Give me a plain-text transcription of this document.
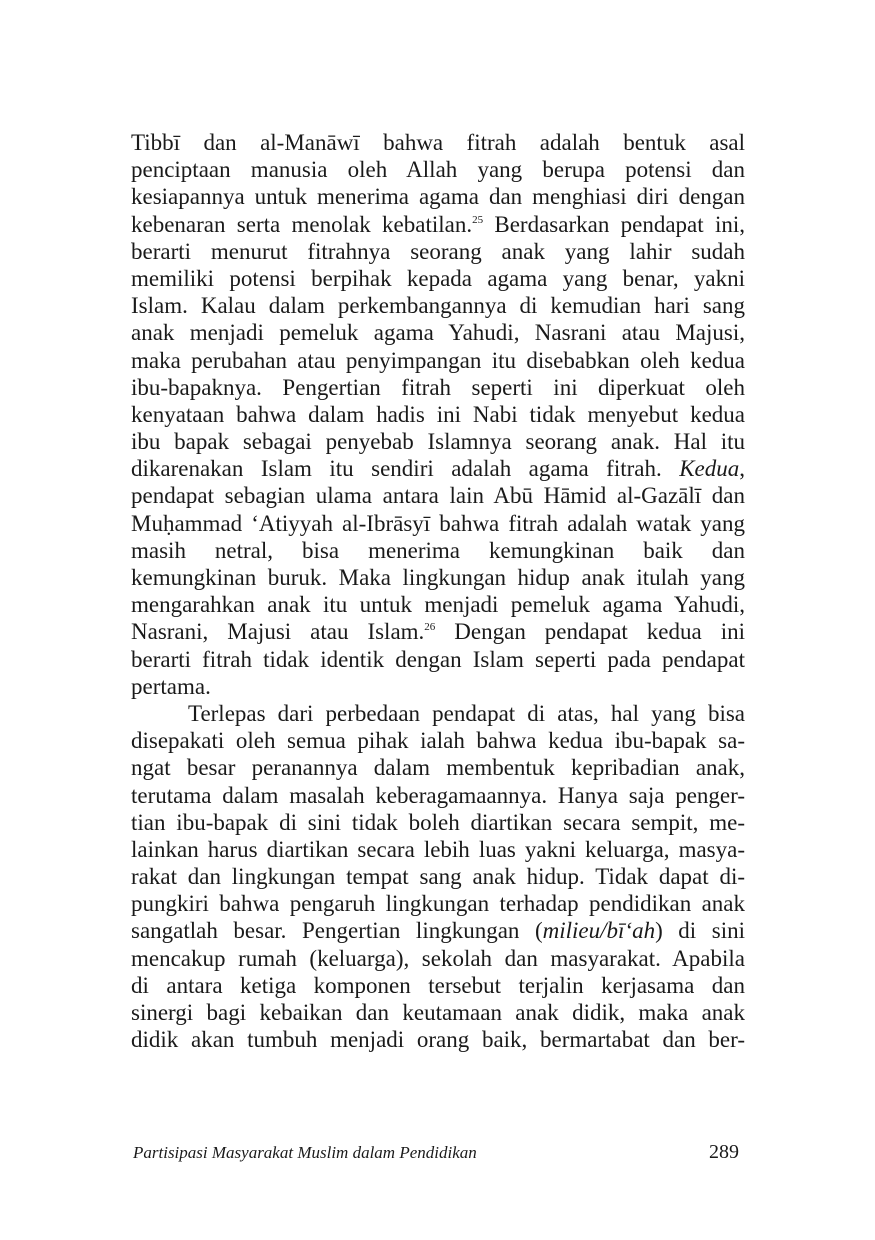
Tibbī dan al-Manāwī bahwa fitrah adalah bentuk asal
penciptaan manusia oleh Allah yang berupa potensi dan
kesiapannya untuk menerima agama dan menghiasi diri dengan
kebenaran serta menolak kebatilan.$^{25}$ Berdasarkan pendapat ini,
berarti menurut fitrahnya seorang anak yang lahir sudah
memiliki potensi berpihak kepada agama yang benar, yakni
Islam. Kalau dalam perkembangannya di kemudian hari sang
anak menjadi pemeluk agama Yahudi, Nasrani atau Majusi,
maka perubahan atau penyimpangan itu disebabkan oleh kedua
ibu-bapaknya. Pengertian fitrah seperti ini diperkuat oleh
kenyataan bahwa dalam hadis ini Nabi tidak menyebut kedua
ibu bapak sebagai penyebab Islamnya seorang anak. Hal itu
dikarenakan Islam itu sendiri adalah agama fitrah. Kedua,
pendapat sebagian ulama antara lain Abū Hāmid al-Gazālī dan
Muḥammad ‘Atiyyah al-Ibrāsyī bahwa fitrah adalah watak yang
masih netral, bisa menerima kemungkinan baik dan
kemungkinan buruk. Maka lingkungan hidup anak itulah yang
mengarahkan anak itu untuk menjadi pemeluk agama Yahudi,
Nasrani, Majusi atau Islam.$^{26}$ Dengan pendapat kedua ini
berarti fitrah tidak identik dengan Islam seperti pada pendapat
pertama.
Terlepas dari perbedaan pendapat di atas, hal yang bisa
disepakati oleh semua pihak ialah bahwa kedua ibu-bapak sa-
ngat besar peranannya dalam membentuk kepribadian anak,
terutama dalam masalah keberagamaannya. Hanya saja penger-
tian ibu-bapak di sini tidak boleh diartikan secara sempit, me-
lainkan harus diartikan secara lebih luas yakni keluarga, masya-
rakat dan lingkungan tempat sang anak hidup. Tidak dapat di-
pungkiri bahwa pengaruh lingkungan terhadap pendidikan anak
sangatlah besar. Pengertian lingkungan (milieu/bī‘ah) di sini
mencakup rumah (keluarga), sekolah dan masyarakat. Apabila
di antara ketiga komponen tersebut terjalin kerjasama dan
sinergi bagi kebaikan dan keutamaan anak didik, maka anak
didik akan tumbuh menjadi orang baik, bermartabat dan ber-
Partisipasi Masyarakat Muslim dalam Pendidikan	289
